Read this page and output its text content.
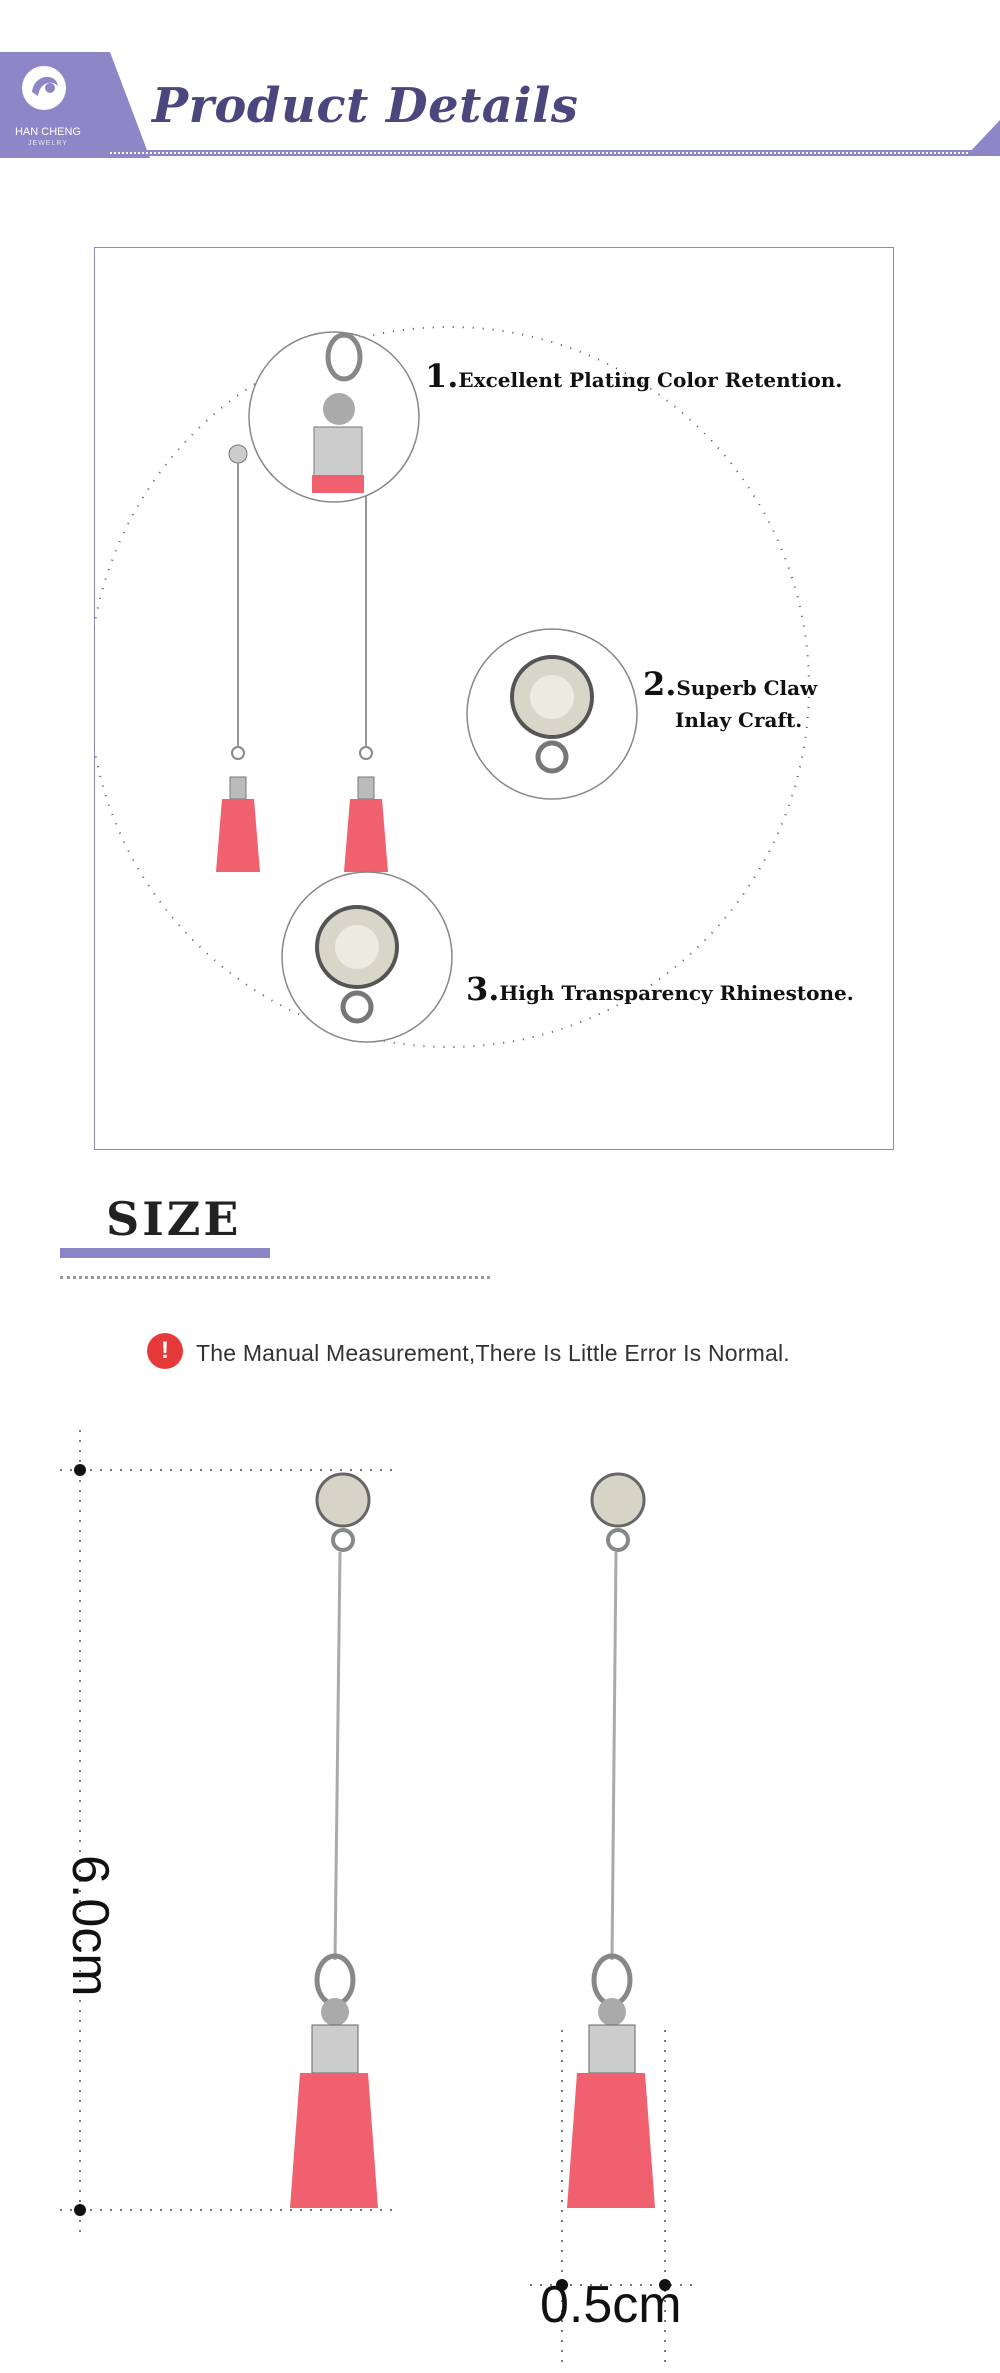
HAN CHENG
JEWELRY
Product Details
1.Excellent Plating Color Retention.
2.Superb Claw
Inlay Craft.
3.High Transparency Rhinestone.
SIZE
!	The Manual Measurement,There Is Little Error Is Normal.
6.0cm
0.5cm
